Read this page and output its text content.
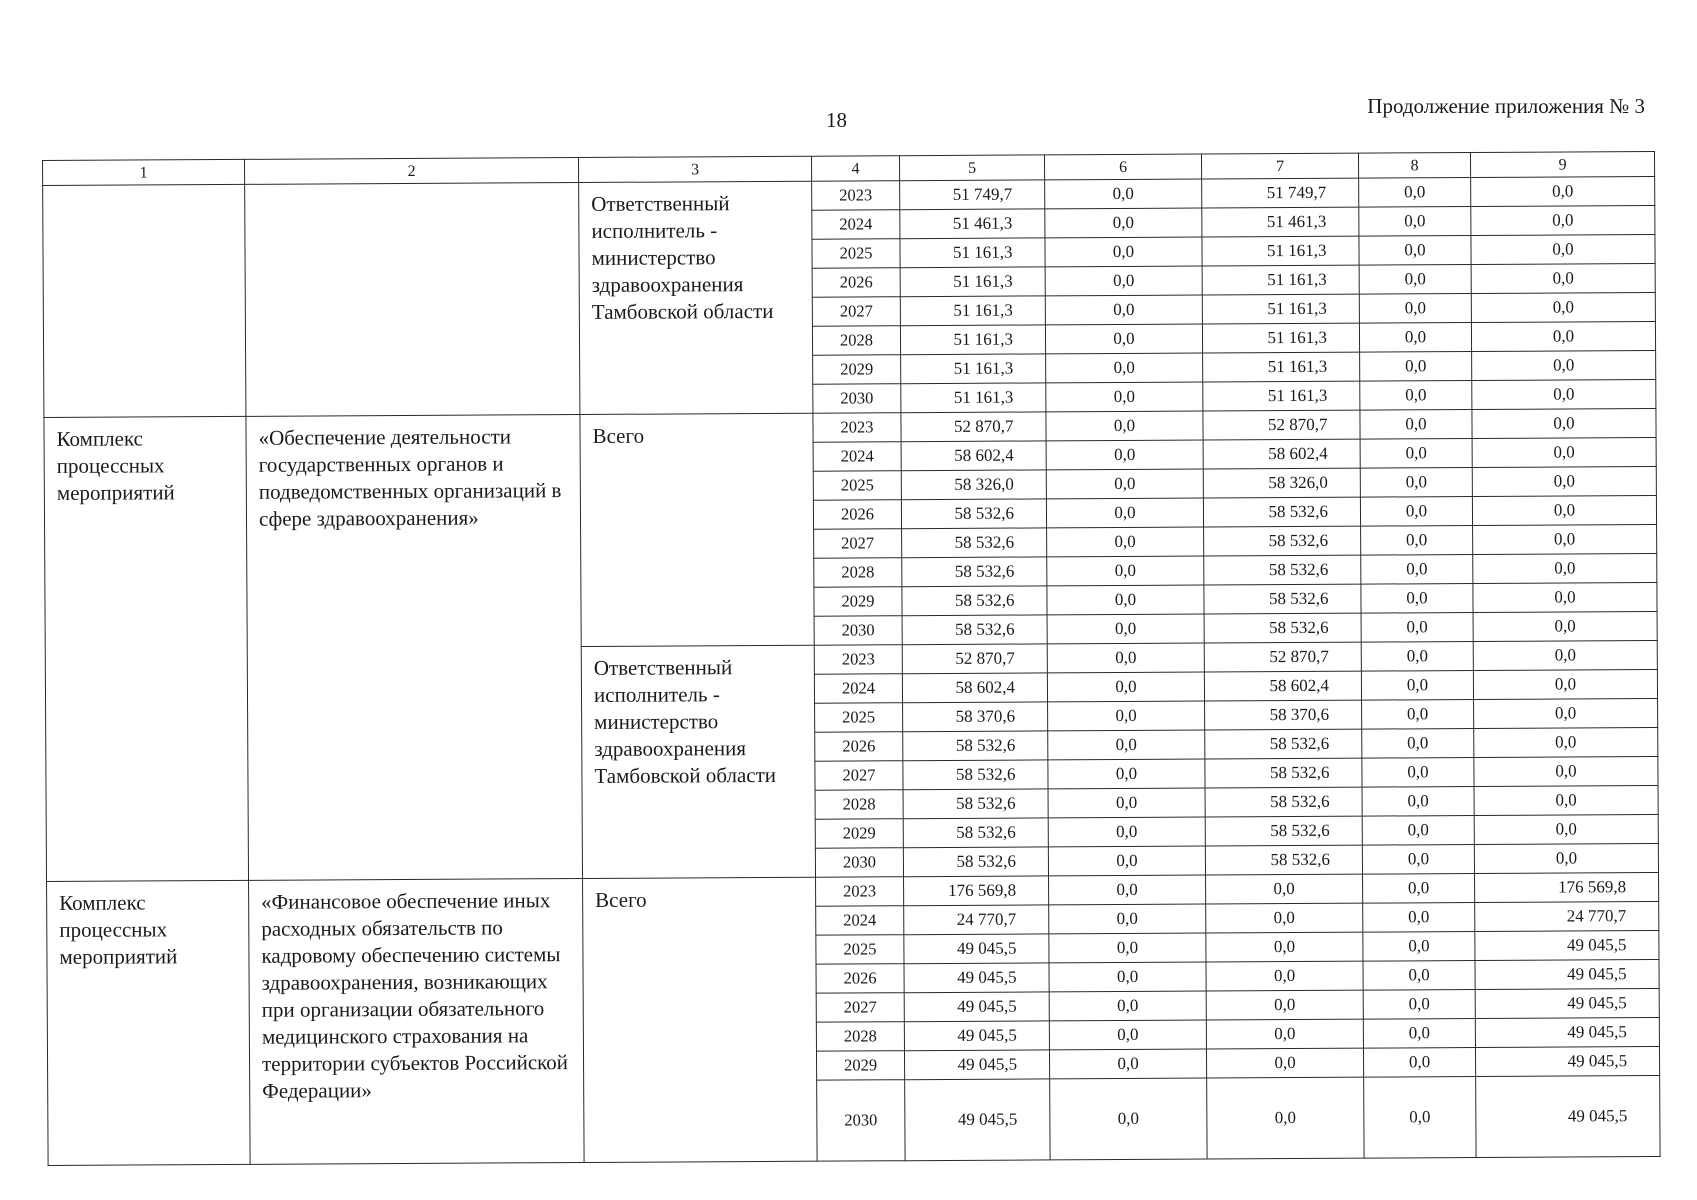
18
Продолжение приложения № 3
1	2	3	4	5	6	7	8	9
		Ответственный исполнитель - министерство здравоохранения Тамбовской области	2023	51 749,7	0,0	51 749,7	0,0	0,0
			2024	51 461,3	0,0	51 461,3	0,0	0,0
			2025	51 161,3	0,0	51 161,3	0,0	0,0
			2026	51 161,3	0,0	51 161,3	0,0	0,0
			2027	51 161,3	0,0	51 161,3	0,0	0,0
			2028	51 161,3	0,0	51 161,3	0,0	0,0
			2029	51 161,3	0,0	51 161,3	0,0	0,0
			2030	51 161,3	0,0	51 161,3	0,0	0,0
Комплекс процессных мероприятий	«Обеспечение деятельности государственных органов и подведомственных организаций в сфере здравоохранения»	Всего	2023	52 870,7	0,0	52 870,7	0,0	0,0
			2024	58 602,4	0,0	58 602,4	0,0	0,0
			2025	58 326,0	0,0	58 326,0	0,0	0,0
			2026	58 532,6	0,0	58 532,6	0,0	0,0
			2027	58 532,6	0,0	58 532,6	0,0	0,0
			2028	58 532,6	0,0	58 532,6	0,0	0,0
			2029	58 532,6	0,0	58 532,6	0,0	0,0
			2030	58 532,6	0,0	58 532,6	0,0	0,0
		Ответственный исполнитель - министерство здравоохранения Тамбовской области	2023	52 870,7	0,0	52 870,7	0,0	0,0
			2024	58 602,4	0,0	58 602,4	0,0	0,0
			2025	58 370,6	0,0	58 370,6	0,0	0,0
			2026	58 532,6	0,0	58 532,6	0,0	0,0
			2027	58 532,6	0,0	58 532,6	0,0	0,0
			2028	58 532,6	0,0	58 532,6	0,0	0,0
			2029	58 532,6	0,0	58 532,6	0,0	0,0
			2030	58 532,6	0,0	58 532,6	0,0	0,0
Комплекс процессных мероприятий	«Финансовое обеспечение иных расходных обязательств по кадровому обеспечению системы здравоохранения, возникающих при организации обязательного медицинского страхования на территории субъектов Российской Федерации»	Всего	2023	176 569,8	0,0	0,0	0,0	176 569,8
			2024	24 770,7	0,0	0,0	0,0	24 770,7
			2025	49 045,5	0,0	0,0	0,0	49 045,5
			2026	49 045,5	0,0	0,0	0,0	49 045,5
			2027	49 045,5	0,0	0,0	0,0	49 045,5
			2028	49 045,5	0,0	0,0	0,0	49 045,5
			2029	49 045,5	0,0	0,0	0,0	49 045,5
			2030	49 045,5	0,0	0,0	0,0	49 045,5
